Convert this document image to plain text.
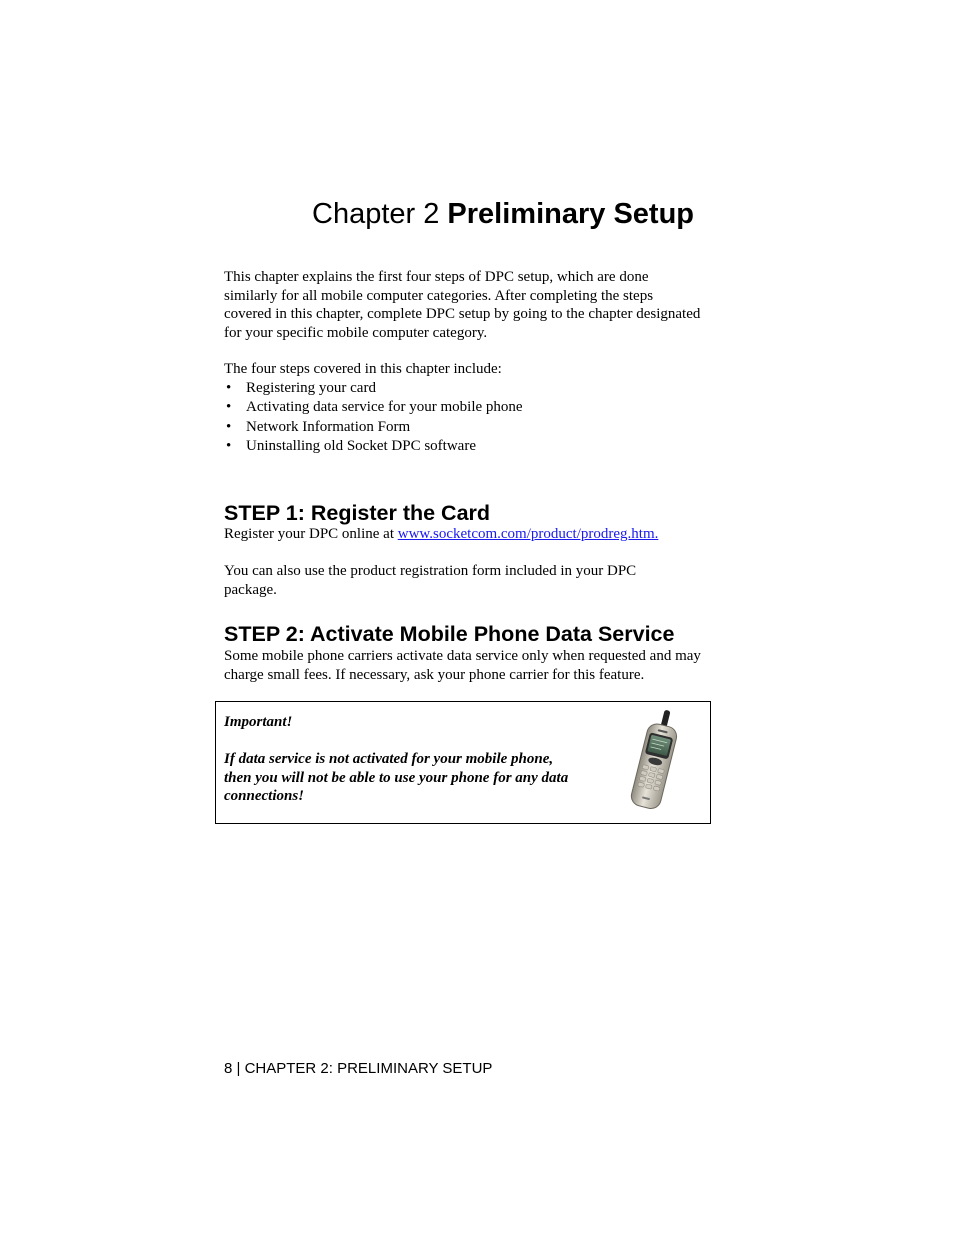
Chapter 2 Preliminary Setup
This chapter explains the first four steps of DPC setup, which are done similarly for all mobile computer categories. After completing the steps covered in this chapter, complete DPC setup by going to the chapter designated for your specific mobile computer category.
The four steps covered in this chapter include:
• Registering your card
• Activating data service for your mobile phone
• Network Information Form
• Uninstalling old Socket DPC software
STEP 1: Register the Card
Register your DPC online at www.socketcom.com/product/prodreg.htm.
You can also use the product registration form included in your DPC package.
STEP 2: Activate Mobile Phone Data Service
Some mobile phone carriers activate data service only when requested and may charge small fees. If necessary, ask your phone carrier for this feature.
Important!
If data service is not activated for your mobile phone, then you will not be able to use your phone for any data connections!
8 | CHAPTER 2: PRELIMINARY SETUP
